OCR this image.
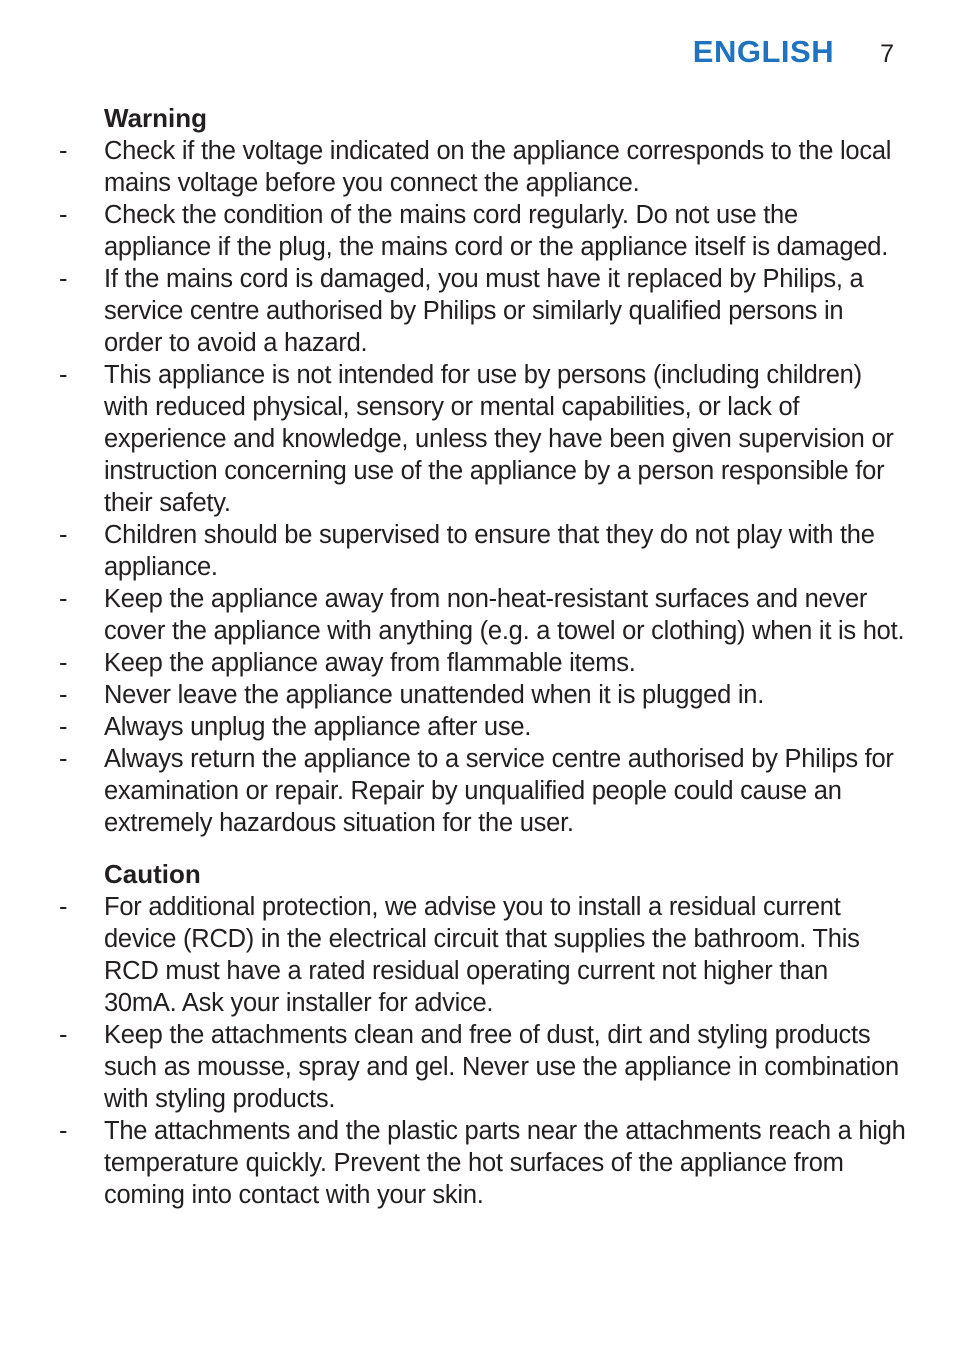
ENGLISH 7
Warning
- Check if the voltage indicated on the appliance corresponds to the local mains voltage before you connect the appliance.
- Check the condition of the mains cord regularly. Do not use the appliance if the plug, the mains cord or the appliance itself is damaged.
- If the mains cord is damaged, you must have it replaced by Philips, a service centre authorised by Philips or similarly qualified persons in order to avoid a hazard.
- This appliance is not intended for use by persons (including children) with reduced physical, sensory or mental capabilities, or lack of experience and knowledge, unless they have been given supervision or instruction concerning use of the appliance by a person responsible for their safety.
- Children should be supervised to ensure that they do not play with the appliance.
- Keep the appliance away from non-heat-resistant surfaces and never cover the appliance with anything (e.g. a towel or clothing) when it is hot.
- Keep the appliance away from flammable items.
- Never leave the appliance unattended when it is plugged in.
- Always unplug the appliance after use.
- Always return the appliance to a service centre authorised by Philips for examination or repair. Repair by unqualified people could cause an extremely hazardous situation for the user.
Caution
- For additional protection, we advise you to install a residual current device (RCD) in the electrical circuit that supplies the bathroom. This RCD must have a rated residual operating current not higher than 30mA. Ask your installer for advice.
- Keep the attachments clean and free of dust, dirt and styling products such as mousse, spray and gel. Never use the appliance in combination with styling products.
- The attachments and the plastic parts near the attachments reach a high temperature quickly. Prevent the hot surfaces of the appliance from coming into contact with your skin.
